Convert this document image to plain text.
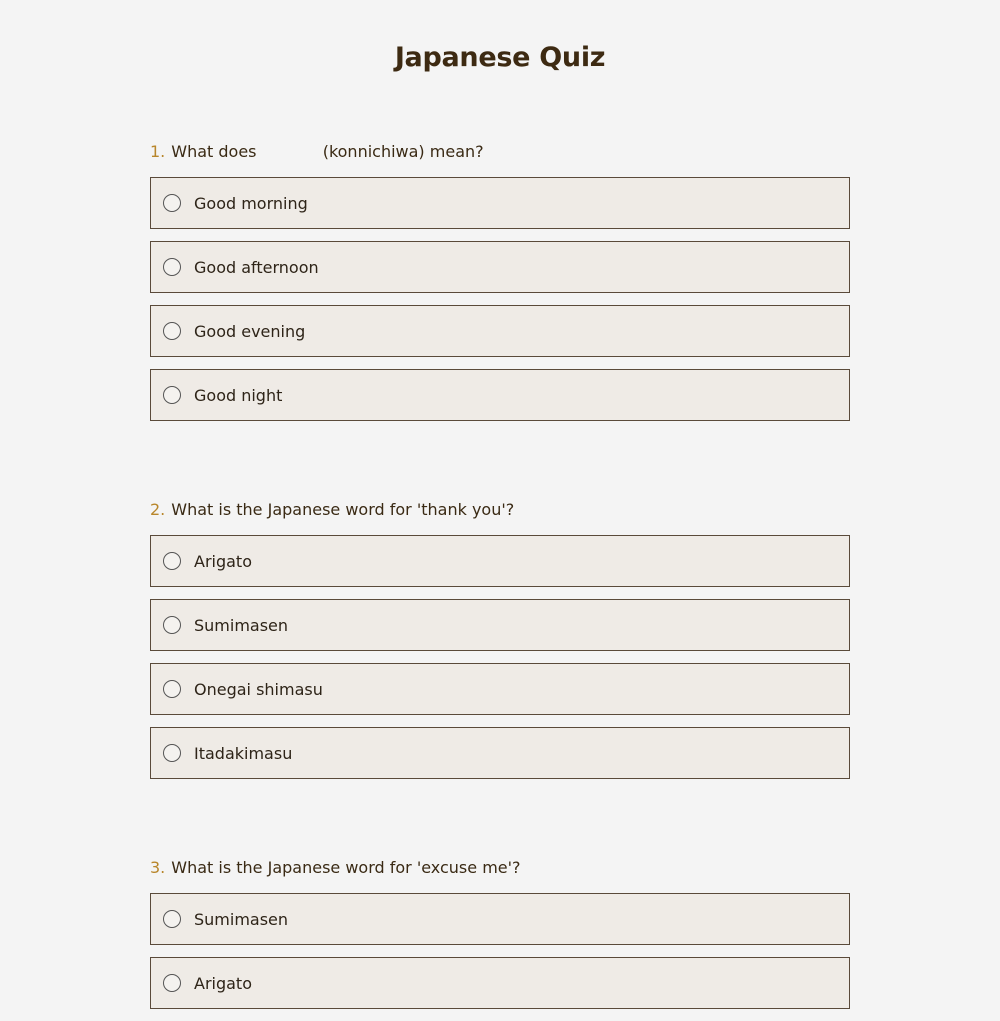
Japanese Quiz
1. What does	(konnichiwa) mean?
Good morning
Good afternoon
Good evening
Good night
2. What is the Japanese word for 'thank you'?
Arigato
Sumimasen
Onegai shimasu
Itadakimasu
3. What is the Japanese word for 'excuse me'?
Sumimasen
Arigato
